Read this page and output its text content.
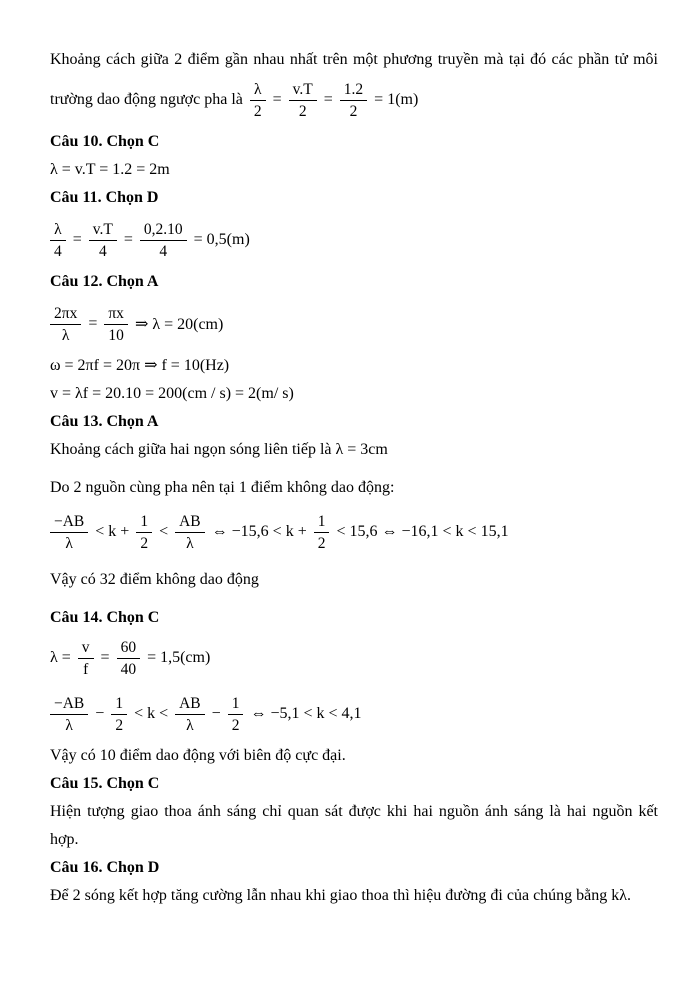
Khoảng cách giữa 2 điểm gần nhau nhất trên một phương truyền mà tại đó các phần tử môi

trường dao động ngược pha là $\frac{\lambda}{2} = \frac{v.T}{2} = \frac{1.2}{2} = 1(m)$

Câu 10. Chọn C

λ = v.T = 1.2 = 2m

Câu 11. Chọn D

$\frac{\lambda}{4} = \frac{v.T}{4} = \frac{0,2.10}{4} = 0,5(m)$

Câu 12. Chọn A

$\frac{2\pi x}{\lambda} = \frac{\pi x}{10}$ ⇒ λ = 20(cm)

ω = 2πf = 20π ⇒ f = 10(Hz)

v = λf = 20.10 = 200(cm / s) = 2(m/ s)

Câu 13. Chọn A

Khoảng cách giữa hai ngọn sóng liên tiếp là λ = 3cm

Do 2 nguồn cùng pha nên tại 1 điểm không dao động:

$\frac{-AB}{\lambda} < k + \frac{1}{2} < \frac{AB}{\lambda}$ ⇔ $-15,6 < k + \frac{1}{2} < 15,6$ ⇔ −16,1 < k < 15,1

Vậy có 32 điểm không dao động

Câu 14. Chọn C

$\lambda = \frac{v}{f} = \frac{60}{40} = 1,5(cm)$
$\frac{-AB}{\lambda} - \frac{1}{2} < k < \frac{AB}{\lambda} - \frac{1}{2}$ ⇔ −5,1 < k < 4,1

Vậy có 10 điểm dao động với biên độ cực đại.

Câu 15. Chọn C

Hiện tượng giao thoa ánh sáng chỉ quan sát được khi hai nguồn ánh sáng là hai nguồn kết

hợp.

Câu 16. Chọn D

Để 2 sóng kết hợp tăng cường lẫn nhau khi giao thoa thì hiệu đường đi của chúng bằng kλ.
